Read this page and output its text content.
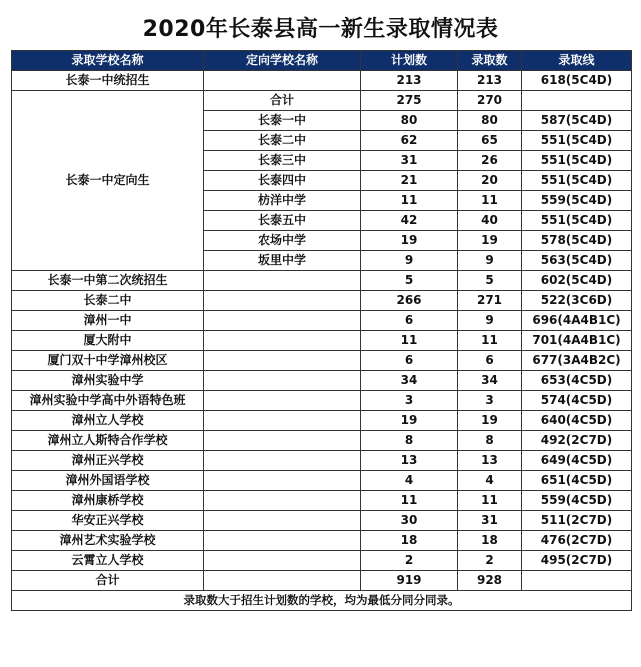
2020年长泰县高一新生录取情况表
录取学校名称	定向学校名称	计划数	录取数	录取线
长泰一中统招生		213	213	618(5C4D)
长泰一中定向生	合计	275	270	
	长泰一中	80	80	587(5C4D)
	长泰二中	62	65	551(5C4D)
	长泰三中	31	26	551(5C4D)
	长泰四中	21	20	551(5C4D)
	枋洋中学	11	11	559(5C4D)
	长泰五中	42	40	551(5C4D)
	农场中学	19	19	578(5C4D)
	坂里中学	9	9	563(5C4D)
长泰一中第二次统招生		5	5	602(5C4D)
长泰二中		266	271	522(3C6D)
漳州一中		6	9	696(4A4B1C)
厦大附中		11	11	701(4A4B1C)
厦门双十中学漳州校区		6	6	677(3A4B2C)
漳州实验中学		34	34	653(4C5D)
漳州实验中学高中外语特色班		3	3	574(4C5D)
漳州立人学校		19	19	640(4C5D)
漳州立人斯特合作学校		8	8	492(2C7D)
漳州正兴学校		13	13	649(4C5D)
漳州外国语学校		4	4	651(4C5D)
漳州康桥学校		11	11	559(4C5D)
华安正兴学校		30	31	511(2C7D)
漳州艺术实验学校		18	18	476(2C7D)
云霄立人学校		2	2	495(2C7D)
合计		919	928	
录取数大于招生计划数的学校，均为最低分同分同录。				
